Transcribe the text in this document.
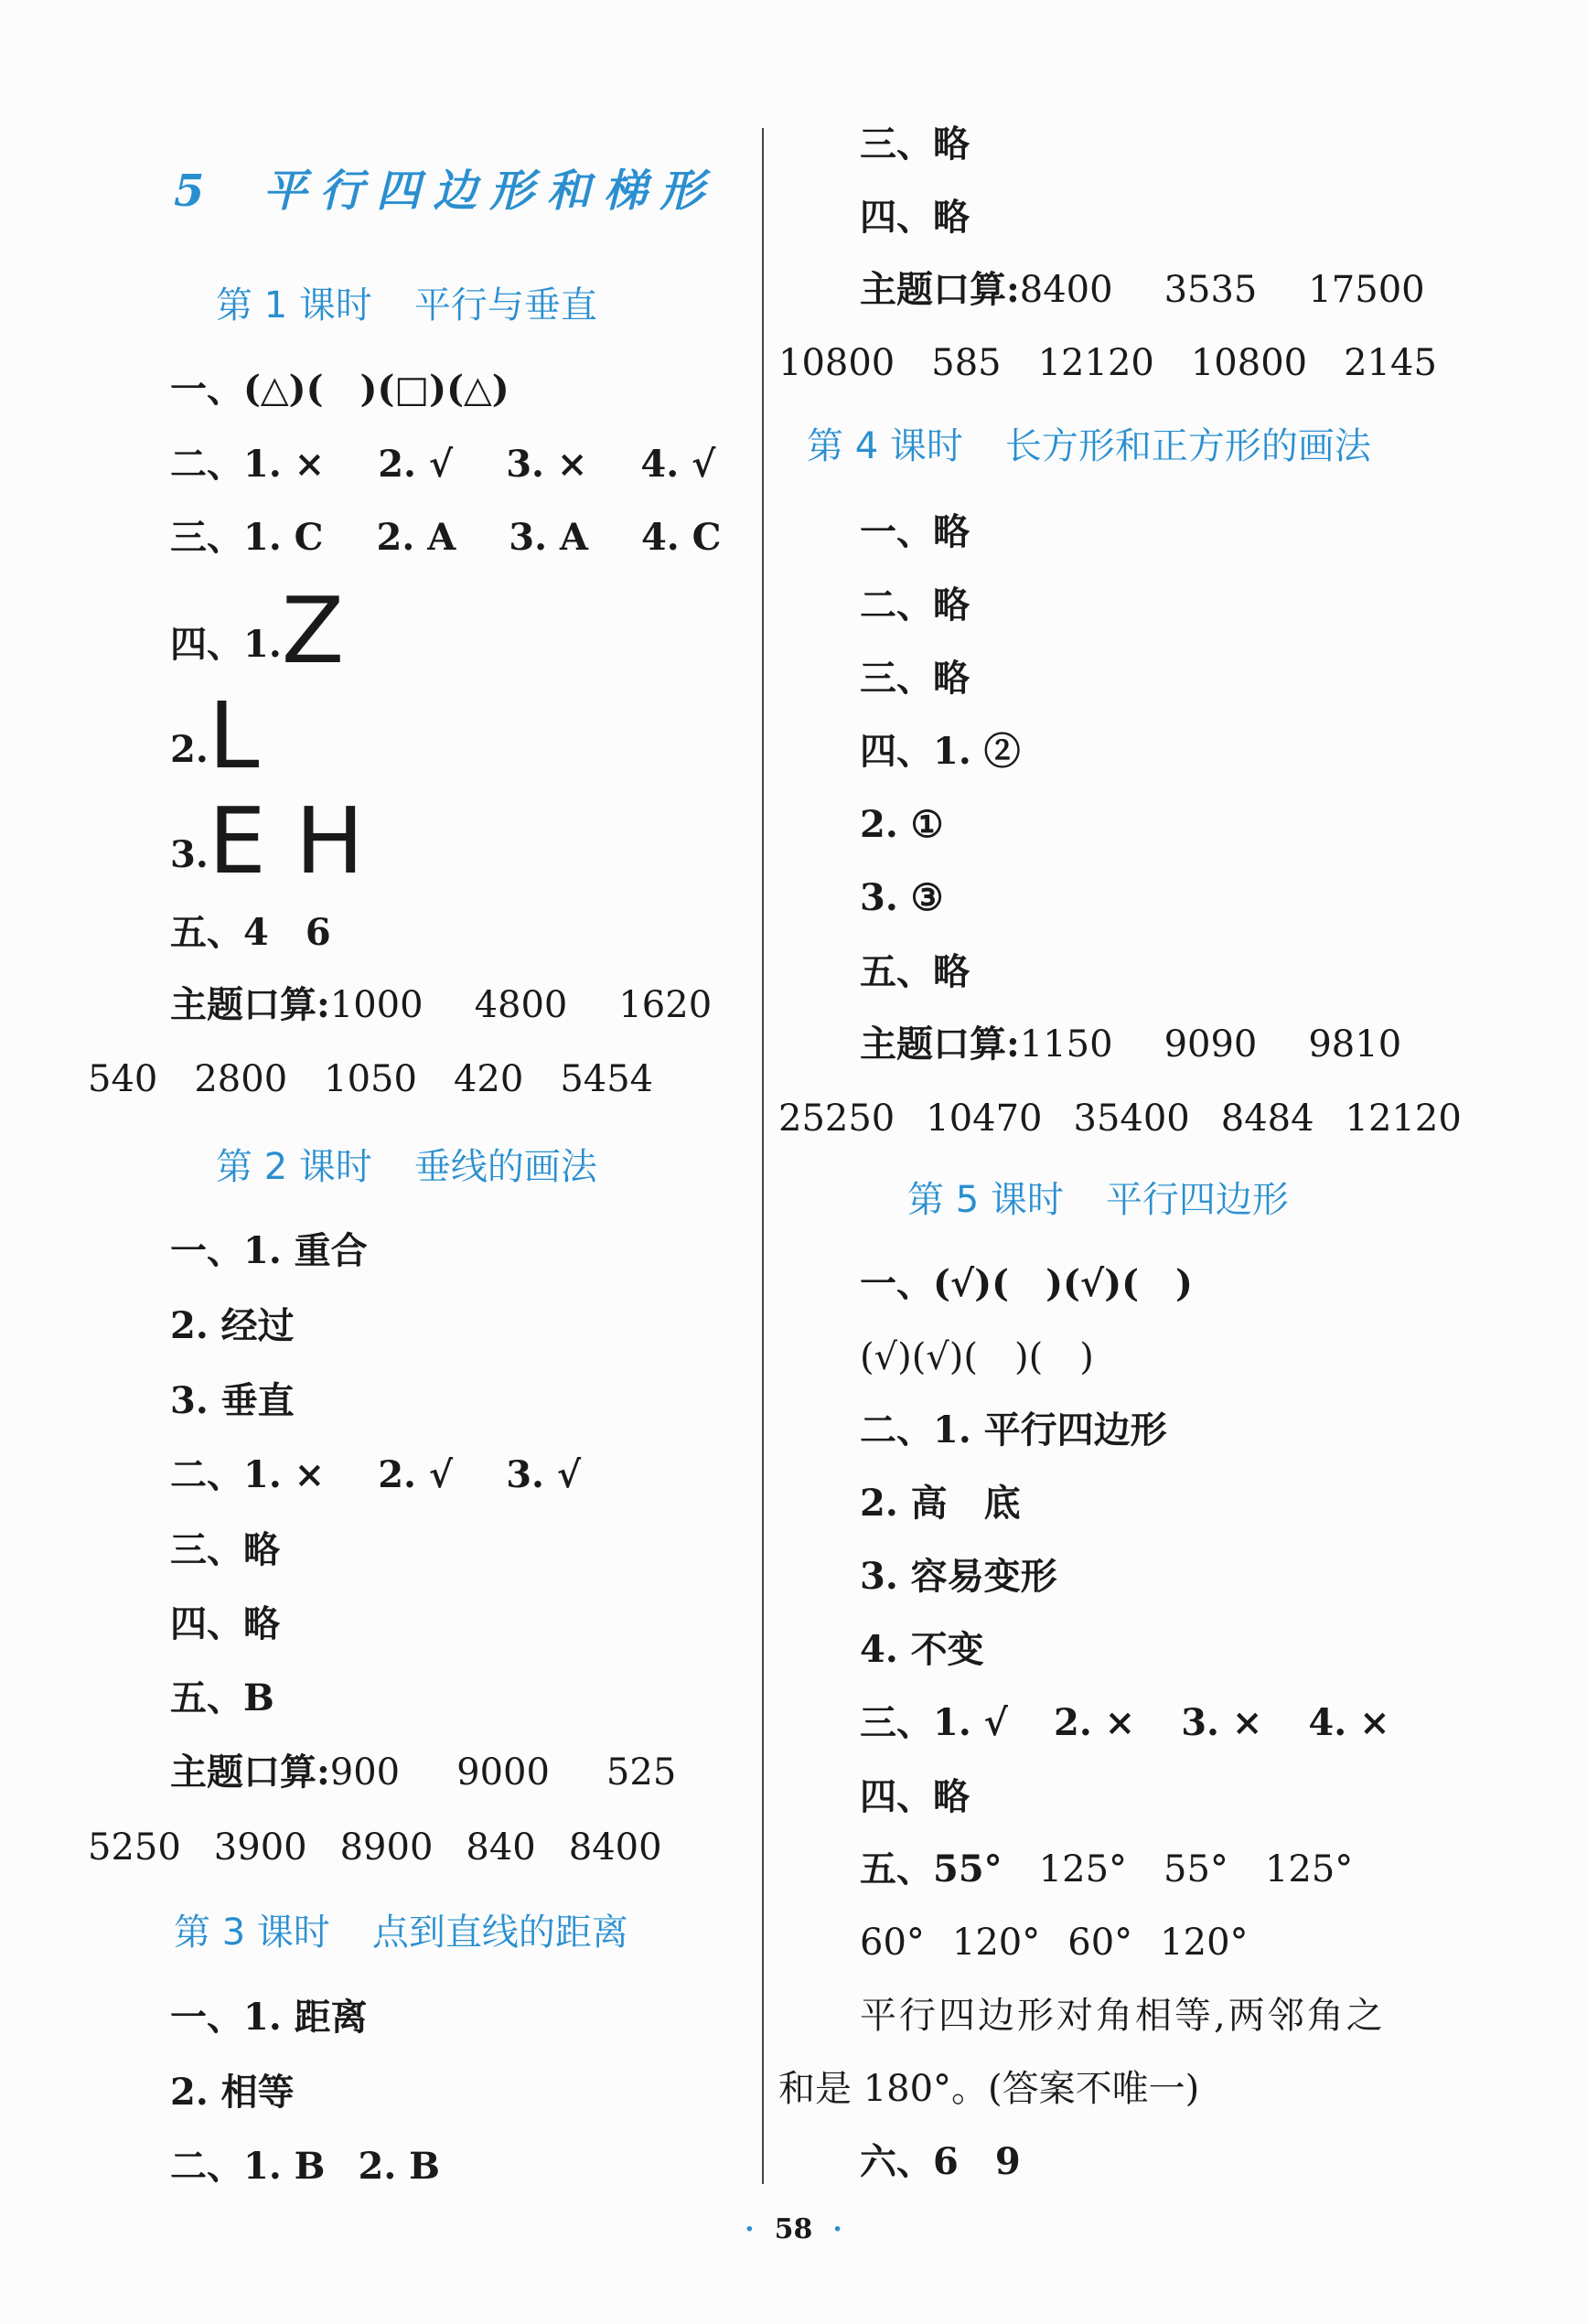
5 平行四边形和梯形
第 1 课时 平行与垂直
一、(△)(　)(□)(△)
二、1. × 2. √ 3. × 4. √
三、1. C 2. A 3. A 4. C
四、1.Z
2.L
3.E H
五、4　6
主题口算:1000 4800 1620
540 2800 1050 420 5454
第 2 课时 垂线的画法
一、1. 重合
2. 经过
3. 垂直
二、1. × 2. √ 3. √
三、略
四、略
五、B
主题口算:900 9000 525
5250 3900 8900 840 8400
第 3 课时 点到直线的距离
一、1. 距离
2. 相等
二、1. B 2. B
三、略
四、略
主题口算:8400 3535 17500
10800 585 12120 10800 2145
第 4 课时 长方形和正方形的画法
一、略
二、略
三、略
四、1. ②
2. ①
3. ③
五、略
主题口算:1150 9090 9810
25250 10470 35400 8484 12120
第 5 课时 平行四边形
一、(√)(　)(√)(　)
(√)(√)(　)(　)
二、1. 平行四边形
2. 高　底
3. 容易变形
4. 不变
三、1. √ 2. × 3. × 4. ×
四、略
五、55° 125° 55° 125°
60° 120° 60° 120°
平行四边形对角相等,两邻角之
和是 180°。(答案不唯一)
六、6　9
· 58 ·
